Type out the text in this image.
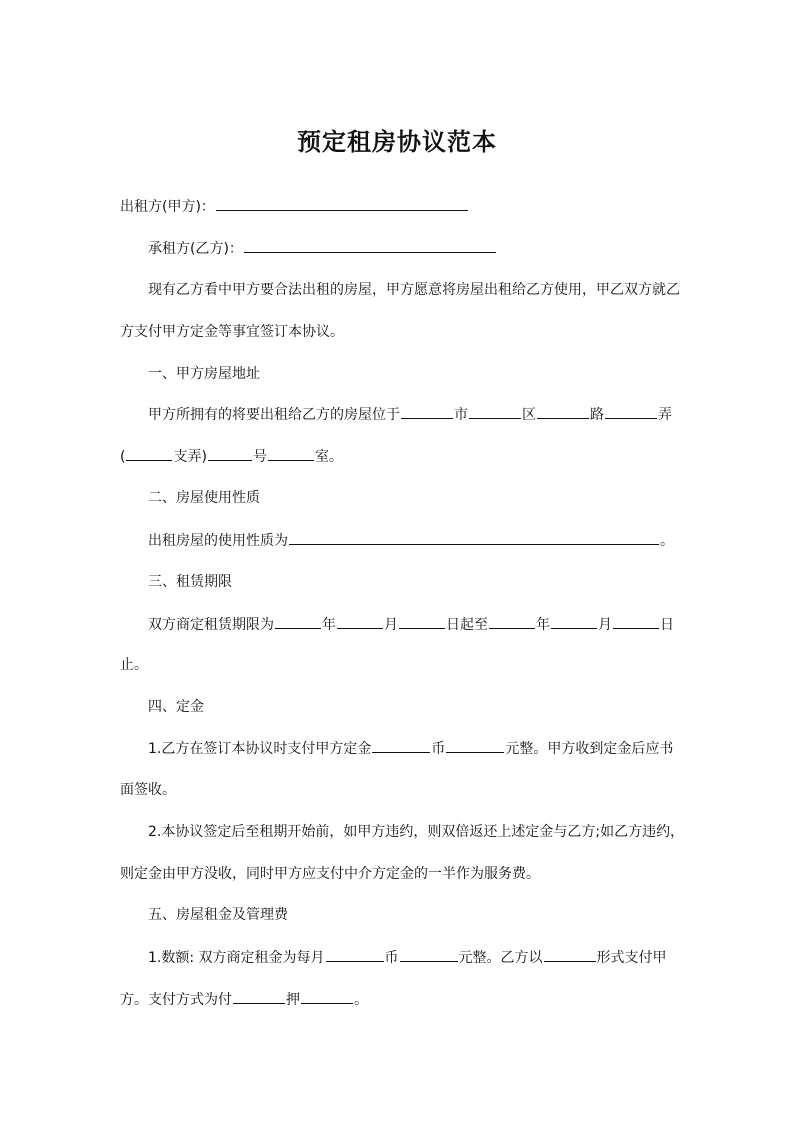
预定租房协议范本
出租方(甲方)：
承租方(乙方)：
现有乙方看中甲方要合法出租的房屋，甲方愿意将房屋出租给乙方使用，甲乙双方就乙
方支付甲方定金等事宜签订本协议。
一、甲方房屋地址
甲方所拥有的将要出租给乙方的房屋位于	市	区	路	弄
(	支弄)	号	室。
二、房屋使用性质
出租房屋的使用性质为	。
三、租赁期限
双方商定租赁期限为	年	月	日起至	年	月	日
止。
四、定金
1.乙方在签订本协议时支付甲方定金	币	元整。甲方收到定金后应书
面签收。
2.本协议签定后至租期开始前，如甲方违约，则双倍返还上述定金与乙方;如乙方违约，
则定金由甲方没收，同时甲方应支付中介方定金的一半作为服务费。
五、房屋租金及管理费
1.数额: 双方商定租金为每月	币	元整。乙方以	形式支付甲
方。支付方式为付	押	。
